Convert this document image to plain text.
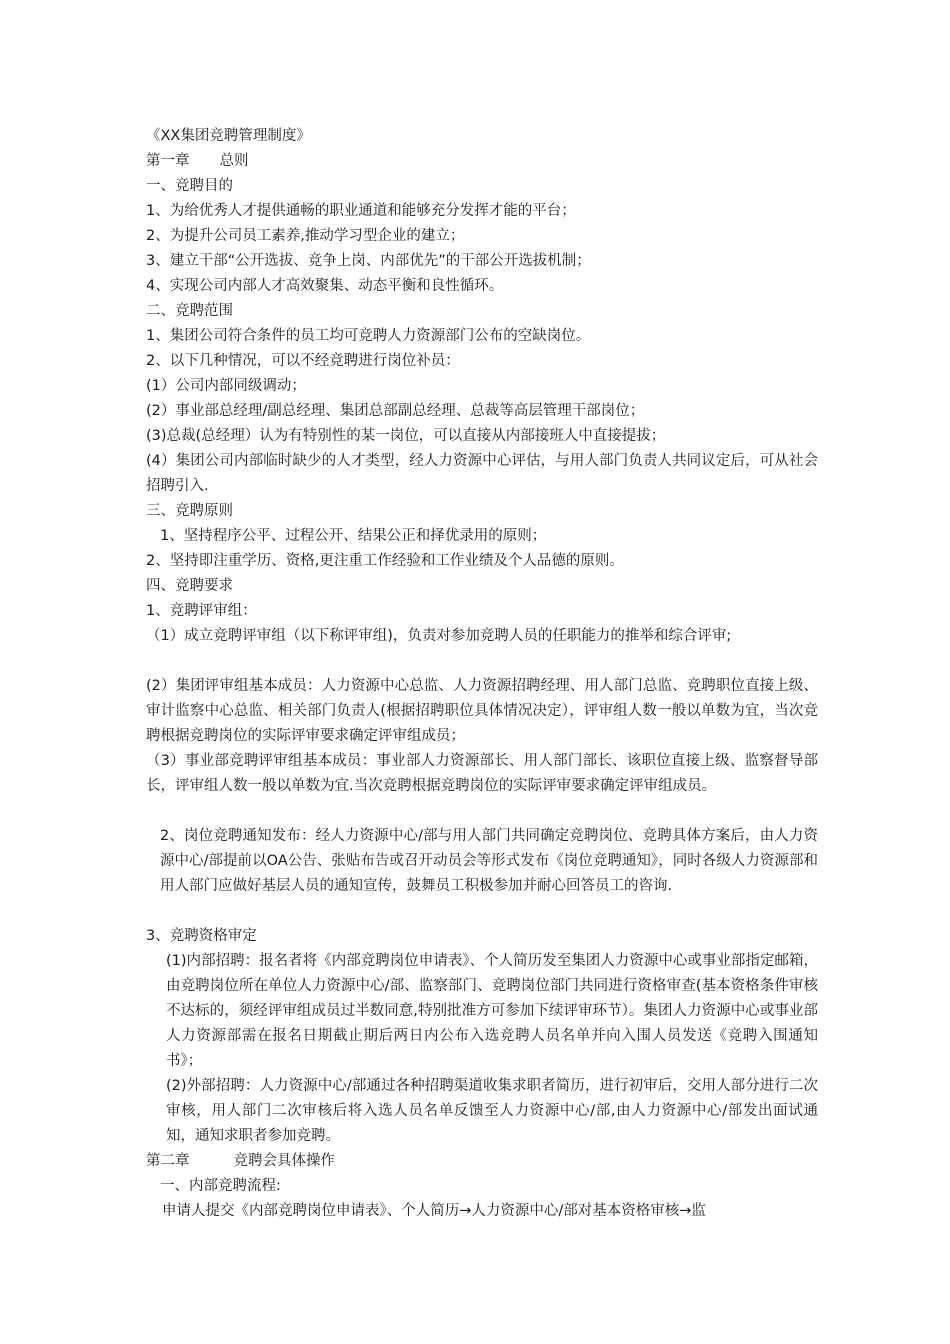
《XX集团竞聘管理制度》
第一章 总则
一、竞聘目的
1、为给优秀人才提供通畅的职业通道和能够充分发挥才能的平台；
2、为提升公司员工素养,推动学习型企业的建立；
3、建立干部“公开选拔、竞争上岗、内部优先”的干部公开选拔机制；
4、实现公司内部人才高效聚集、动态平衡和良性循环。
二、竞聘范围
1、集团公司符合条件的员工均可竞聘人力资源部门公布的空缺岗位。
2、以下几种情况，可以不经竞聘进行岗位补员：
(1）公司内部同级调动；
(2）事业部总经理/副总经理、集团总部副总经理、总裁等高层管理干部岗位；
(3)总裁(总经理）认为有特别性的某一岗位，可以直接从内部接班人中直接提拔；

(4）集团公司内部临时缺少的人才类型，经人力资源中心评估，与用人部门负责人共同议定后，可从社会招聘引入.

三、竞聘原则
1、坚持程序公平、过程公开、结果公正和择优录用的原则；
2、坚持即注重学历、资格,更注重工作经验和工作业绩及个人品德的原则。
四、竞聘要求
1、竞聘评审组：

（1）成立竞聘评审组（以下称评审组)，负责对参加竞聘人员的任职能力的推举和综合评审;

(2）集团评审组基本成员：人力资源中心总监、人力资源招聘经理、用人部门总监、竞聘职位直接上级、审计监察中心总监、相关部门负责人(根据招聘职位具体情况决定），评审组人数一般以单数为宜，当次竞聘根据竞聘岗位的实际评审要求确定评审组成员；

（3）事业部竞聘评审组基本成员：事业部人力资源部长、用人部门部长、该职位直接上级、监察督导部长，评审组人数一般以单数为宜.当次竞聘根据竞聘岗位的实际评审要求确定评审组成员。

2、岗位竞聘通知发布：经人力资源中心/部与用人部门共同确定竞聘岗位、竞聘具体方案后，由人力资源中心/部提前以OA公告、张贴布告或召开动员会等形式发布《岗位竞聘通知》，同时各级人力资源部和用人部门应做好基层人员的通知宣传，鼓舞员工积极参加并耐心回答员工的咨询.

3、竞聘资格审定

(1)内部招聘：报名者将《内部竞聘岗位申请表》、个人简历发至集团人力资源中心或事业部指定邮箱，由竞聘岗位所在单位人力资源中心/部、监察部门、竞聘岗位部门共同进行资格审查(基本资格条件审核不达标的，须经评审组成员过半数同意,特别批准方可参加下续评审环节）。集团人力资源中心或事业部人力资源部需在报名日期截止期后两日内公布入选竞聘人员名单并向入围人员发送《竞聘入围通知书》；

(2)外部招聘：人力资源中心/部通过各种招聘渠道收集求职者简历，进行初审后，交用人部分进行二次审核，用人部门二次审核后将入选人员名单反馈至人力资源中心/部,由人力资源中心/部发出面试通知，通知求职者参加竞聘。

第二章	竞聘会具体操作
一、内部竞聘流程:
申请人提交《内部竞聘岗位申请表》、个人简历→人力资源中心/部对基本资格审核→监
